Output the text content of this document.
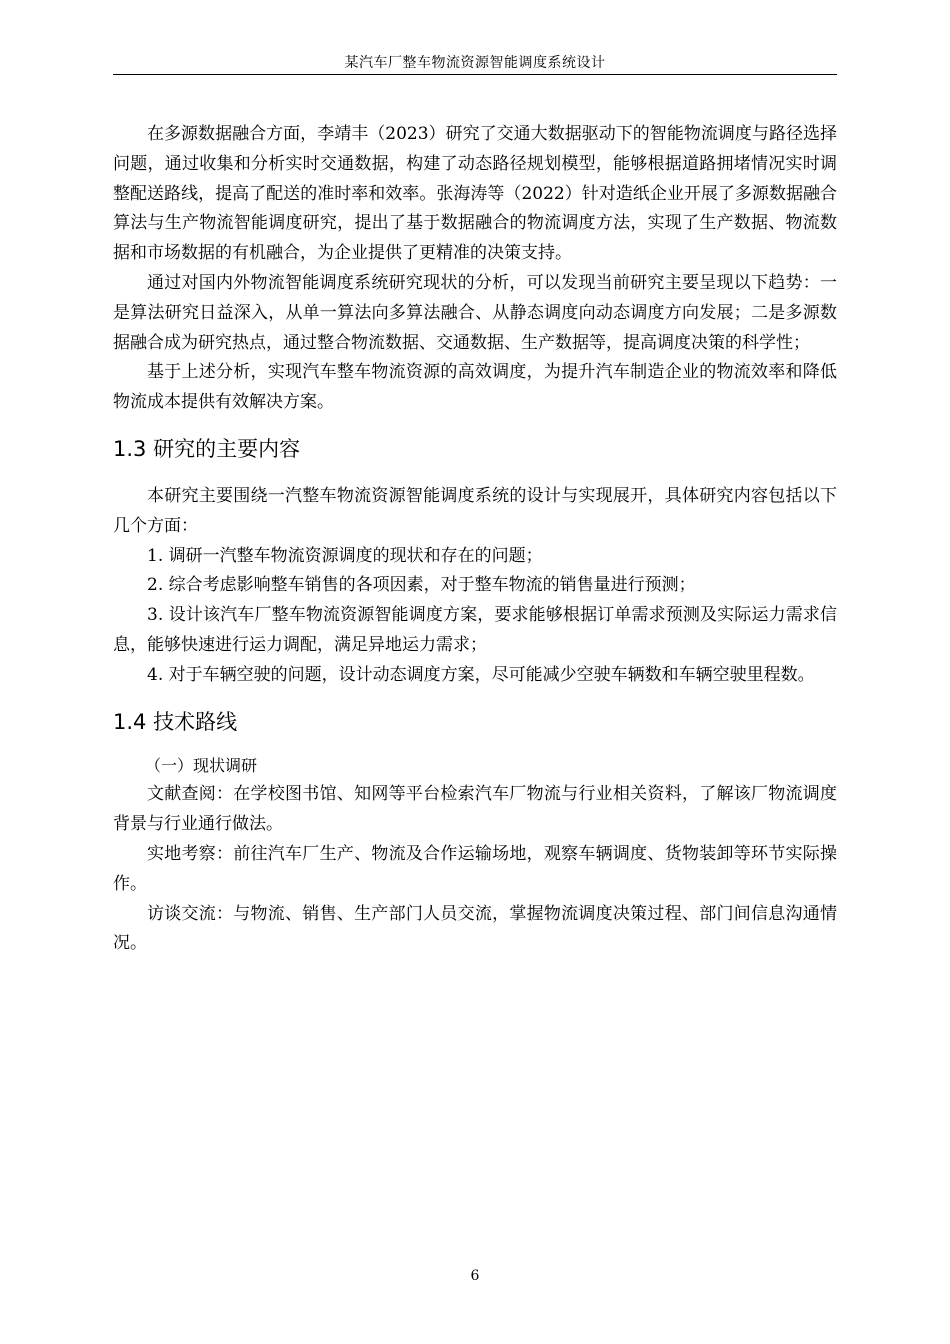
某汽车厂整车物流资源智能调度系统设计

在多源数据融合方面，李靖丰（2023）研究了交通大数据驱动下的智能物流调度与路径选择问题，通过收集和分析实时交通数据，构建了动态路径规划模型，能够根据道路拥堵情况实时调整配送路线，提高了配送的准时率和效率。张海涛等（2022）针对造纸企业开展了多源数据融合算法与生产物流智能调度研究，提出了基于数据融合的物流调度方法，实现了生产数据、物流数据和市场数据的有机融合，为企业提供了更精准的决策支持。

通过对国内外物流智能调度系统研究现状的分析，可以发现当前研究主要呈现以下趋势：一是算法研究日益深入，从单一算法向多算法融合、从静态调度向动态调度方向发展；二是多源数据融合成为研究热点，通过整合物流数据、交通数据、生产数据等，提高调度决策的科学性；

基于上述分析，实现汽车整车物流资源的高效调度，为提升汽车制造企业的物流效率和降低物流成本提供有效解决方案。

1.3 研究的主要内容

本研究主要围绕一汽整车物流资源智能调度系统的设计与实现展开，具体研究内容包括以下几个方面：

1. 调研一汽整车物流资源调度的现状和存在的问题；

2. 综合考虑影响整车销售的各项因素，对于整车物流的销售量进行预测；

3. 设计该汽车厂整车物流资源智能调度方案，要求能够根据订单需求预测及实际运力需求信息，能够快速进行运力调配，满足异地运力需求；

4. 对于车辆空驶的问题，设计动态调度方案，尽可能减少空驶车辆数和车辆空驶里程数。

1.4 技术路线

（一）现状调研

文献查阅：在学校图书馆、知网等平台检索汽车厂物流与行业相关资料，了解该厂物流调度背景与行业通行做法。

实地考察：前往汽车厂生产、物流及合作运输场地，观察车辆调度、货物装卸等环节实际操作。

访谈交流：与物流、销售、生产部门人员交流，掌握物流调度决策过程、部门间信息沟通情况。

6
